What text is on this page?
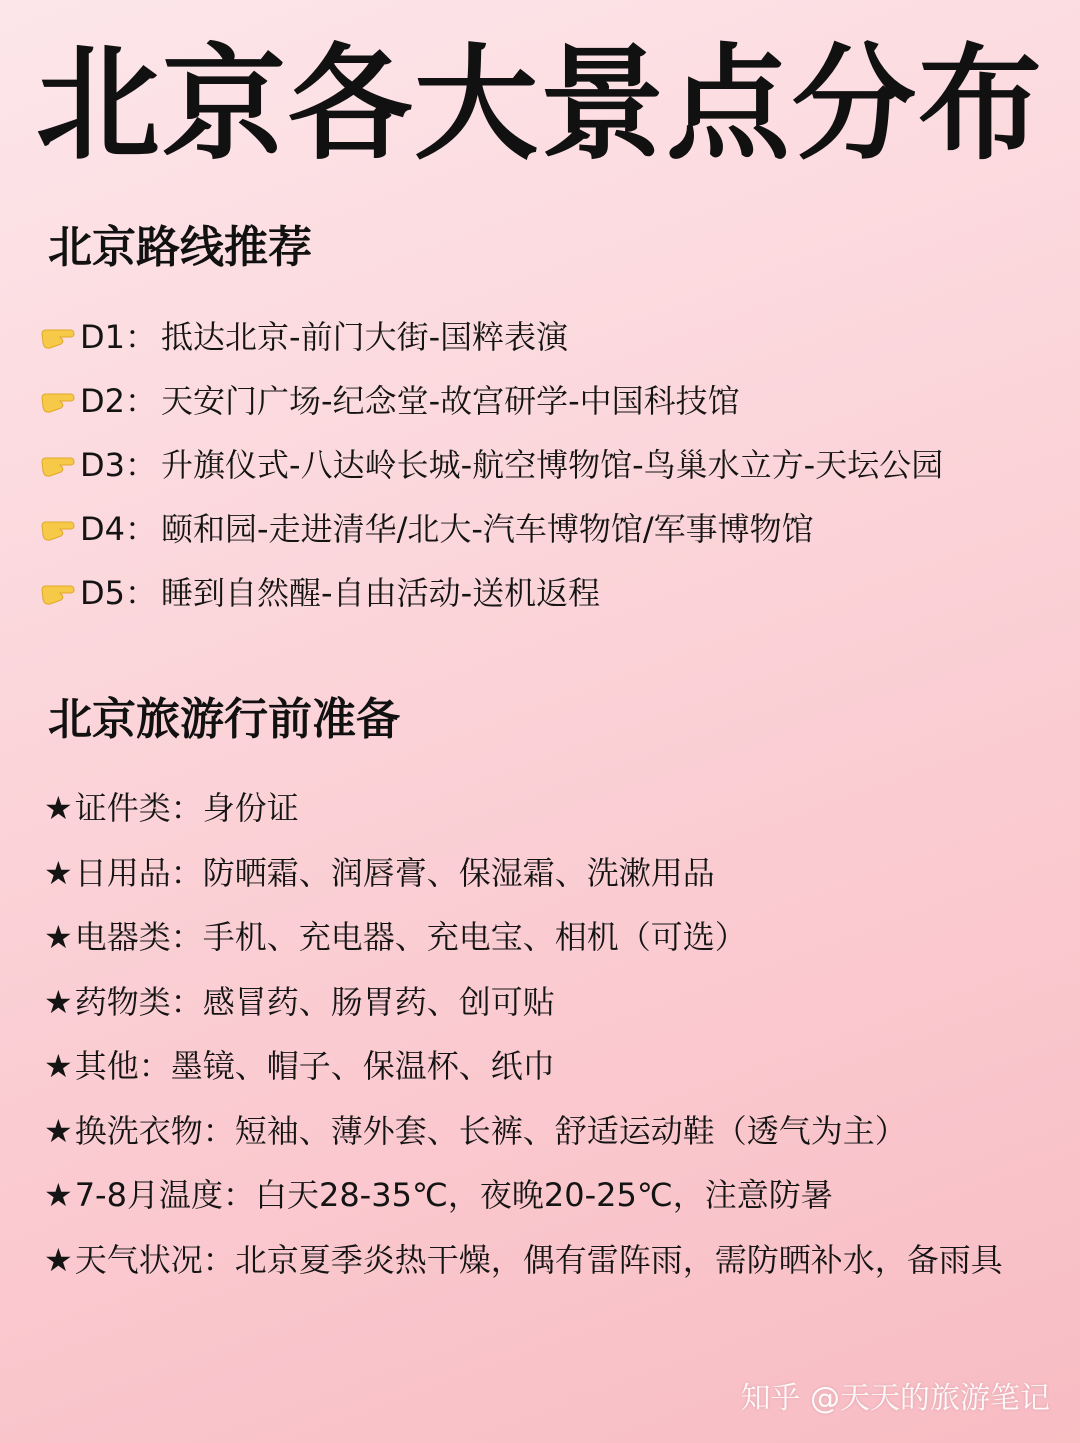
北京各大景点分布
北京路线推荐
D1： 抵达北京-前门大街-国粹表演
D2： 天安门广场-纪念堂-故宫研学-中国科技馆
D3： 升旗仪式-八达岭长城-航空博物馆-鸟巢水立方-天坛公园
D4： 颐和园-走进清华/北大-汽车博物馆/军事博物馆
D5： 睡到自然醒-自由活动-送机返程
北京旅游行前准备
★证件类：身份证
★日用品：防晒霜、润唇膏、保湿霜、洗漱用品
★电器类：手机、充电器、充电宝、相机（可选）
★药物类：感冒药、肠胃药、创可贴
★其他：墨镜、帽子、保温杯、纸巾
★换洗衣物：短袖、薄外套、长裤、舒适运动鞋（透气为主）
★7-8月温度：白天28-35℃，夜晚20-25℃，注意防暑
★天气状况：北京夏季炎热干燥，偶有雷阵雨，需防晒补水，备雨具
知乎 @天天的旅游笔记
